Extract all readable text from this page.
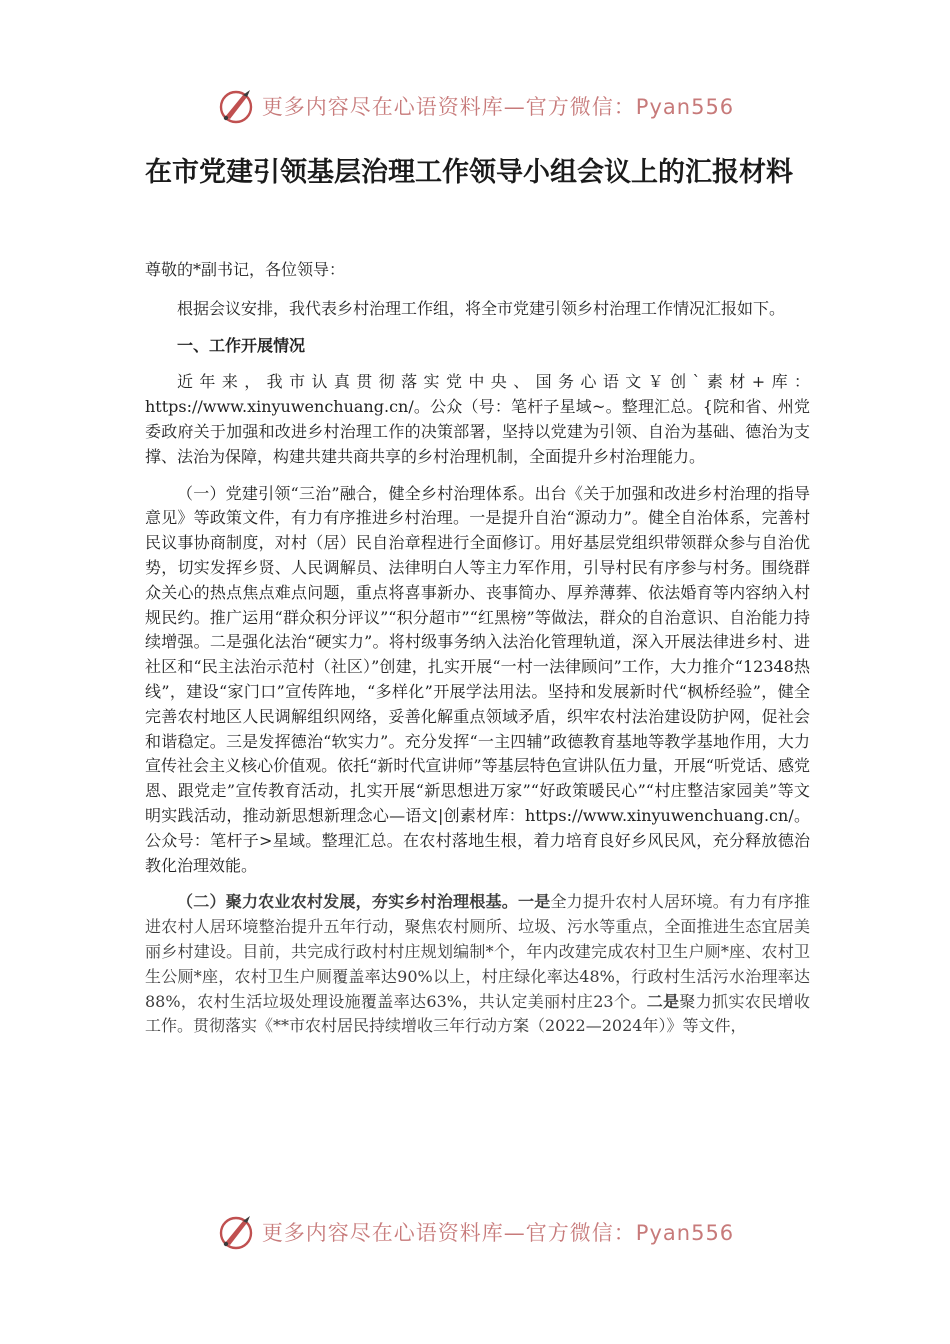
更多内容尽在心语资料库—官方微信：Pyan556
在市党建引领基层治理工作领导小组会议上的汇报材料

尊敬的*副书记，各位领导：

根据会议安排，我代表乡村治理工作组，将全市党建引领乡村治理工作情况汇报如下。

一、工作开展情况

近年来，我市认真贯彻落实党中央、国务心语文￥创`素材+库：https://www.xinyuwenchuang.cn/。公众（号：笔杆子星域~。整理汇总。{院和省、州党委政府关于加强和改进乡村治理工作的决策部署，坚持以党建为引领、自治为基础、德治为支撑、法治为保障，构建共建共商共享的乡村治理机制，全面提升乡村治理能力。

（一）党建引领“三治”融合，健全乡村治理体系。出台《关于加强和改进乡村治理的指导意见》等政策文件，有力有序推进乡村治理。一是提升自治“源动力”。健全自治体系，完善村民议事协商制度，对村（居）民自治章程进行全面修订。用好基层党组织带领群众参与自治优势，切实发挥乡贤、人民调解员、法律明白人等主力军作用，引导村民有序参与村务。围绕群众关心的热点焦点难点问题，重点将喜事新办、丧事简办、厚养薄葬、依法婚育等内容纳入村规民约。推广运用“群众积分评议”“积分超市”“红黑榜”等做法，群众的自治意识、自治能力持续增强。二是强化法治“硬实力”。将村级事务纳入法治化管理轨道，深入开展法律进乡村、进社区和“民主法治示范村（社区）”创建，扎实开展“一村一法律顾问”工作，大力推介“12348热线”，建设“家门口”宣传阵地，“多样化”开展学法用法。坚持和发展新时代“枫桥经验”，健全完善农村地区人民调解组织网络，妥善化解重点领域矛盾，织牢农村法治建设防护网，促社会和谐稳定。三是发挥德治“软实力”。充分发挥“一主四辅”政德教育基地等教学基地作用，大力宣传社会主义核心价值观。依托“新时代宣讲师”等基层特色宣讲队伍力量，开展“听党话、感党恩、跟党走”宣传教育活动，扎实开展“新思想进万家”“好政策暖民心”“村庄整洁家园美”等文明实践活动，推动新思想新理念心—语文|创素材库：https://www.xinyuwenchuang.cn/。公众号：笔杆子>星域。整理汇总。在农村落地生根，着力培育良好乡风民风，充分释放德治教化治理效能。

（二）聚力农业农村发展，夯实乡村治理根基。一是全力提升农村人居环境。有力有序推进农村人居环境整治提升五年行动，聚焦农村厕所、垃圾、污水等重点，全面推进生态宜居美丽乡村建设。目前，共完成行政村村庄规划编制*个，年内改建完成农村卫生户厕*座、农村卫生公厕*座，农村卫生户厕覆盖率达90%以上，村庄绿化率达48%，行政村生活污水治理率达88%，农村生活垃圾处理设施覆盖率达63%，共认定美丽村庄23个。二是聚力抓实农民增收工作。贯彻落实《**市农村居民持续增收三年行动方案（2022—2024年）》等文件，

更多内容尽在心语资料库—官方微信：Pyan556
